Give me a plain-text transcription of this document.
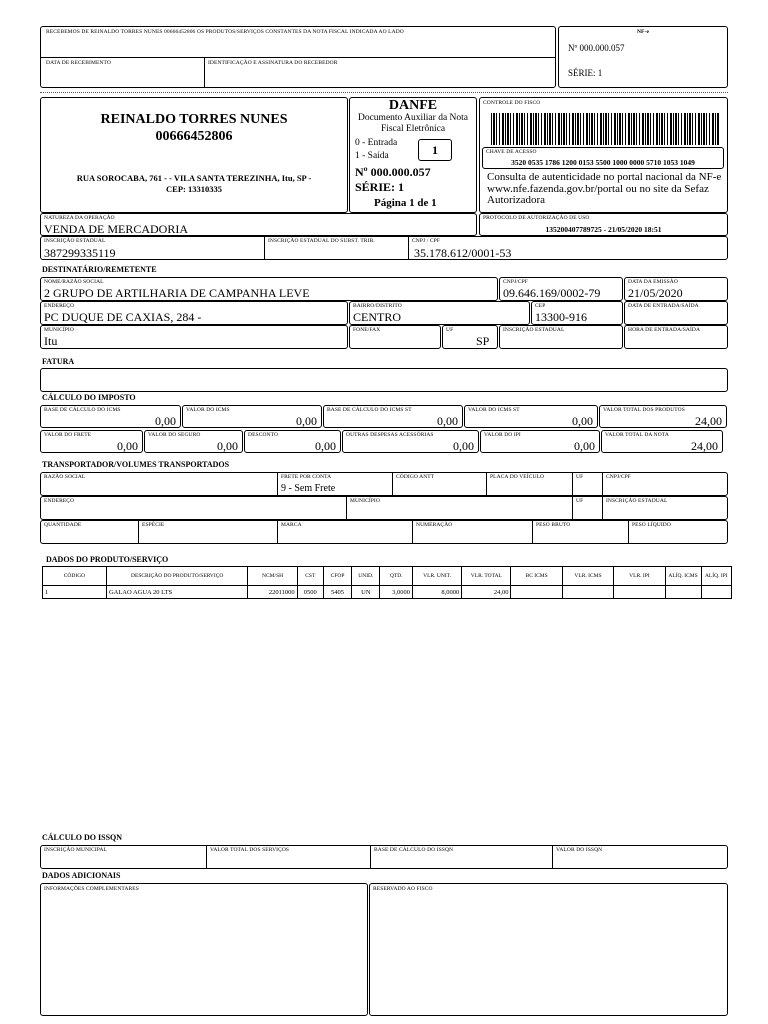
RECEBEMOS DE REINALDO TORRES NUNES 00666452806 OS PRODUTOS/SERVIÇOS CONSTANTES DA NOTA FISCAL INDICADA AO LADO
DATA DE RECEBIMENTO	IDENTIFICAÇÃO E ASSINATURA DO RECEBEDOR
NF-e
Nº 000.000.057
SÉRIE: 1
REINALDO TORRES NUNES
00666452806
RUA SOROCABA, 761 - - VILA SANTA TEREZINHA, Itu, SP -
CEP: 13310335
DANFE
Documento Auxiliar da Nota
Fiscal Eletrônica
0 - Entrada
1 - Saída	1
Nº 000.000.057
SÉRIE: 1
Página 1 de 1
CONTROLE DO FISCO
CHAVE DE ACESSO
3520 0535 1786 1200 0153 5500 1000 0000 5710 1053 1049
Consulta de autenticidade no portal nacional da NF-e www.nfe.fazenda.gov.br/portal ou no site da Sefaz Autorizadora
NATUREZA DA OPERAÇÃO
VENDA DE MERCADORIA
PROTOCOLO DE AUTORIZAÇÃO DE USO
135200407789725 - 21/05/2020 18:51
INSCRIÇÃO ESTADUAL
387299335119
INSCRIÇÃO ESTADUAL DO SUBST. TRIB.	CNPJ / CPF
35.178.612/0001-53
DESTINATÁRIO/REMETENTE
NOME/RAZÃO SOCIAL
2 GRUPO DE ARTILHARIA DE CAMPANHA LEVE
CNPJ/CPF
09.646.169/0002-79
DATA DA EMISSÃO
21/05/2020
ENDEREÇO
PC DUQUE DE CAXIAS, 284 -
BAIRRO/DISTRITO
CENTRO
CEP
13300-916
DATA DE ENTRADA/SAÍDA
MUNICÍPIO
Itu
FONE/FAX	UF
SP
INSCRIÇÃO ESTADUAL	HORA DE ENTRADA/SAÍDA
FATURA
CÁLCULO DO IMPOSTO
BASE DE CÁLCULO DO ICMS
0,00
VALOR DO ICMS
0,00
BASE DE CÁLCULO DO ICMS ST
0,00
VALOR DO ICMS ST
0,00
VALOR TOTAL DOS PRODUTOS
24,00
VALOR DO FRETE
0,00
VALOR DO SEGURO
0,00
DESCONTO
0,00
OUTRAS DESPESAS ACESSÓRIAS
0,00
VALOR DO IPI
0,00
VALOR TOTAL DA NOTA
24,00
TRANSPORTADOR/VOLUMES TRANSPORTADOS
RAZÃO SOCIAL	FRETE POR CONTA
9 - Sem Frete
CÓDIGO ANTT	PLACA DO VEÍCULO	UF	CNPJ/CPF
ENDEREÇO	MUNICÍPIO	UF	INSCRIÇÃO ESTADUAL
QUANTIDADE	ESPÉCIE	MARCA	NUMERAÇÃO	PESO BRUTO	PESO LÍQUIDO
DADOS DO PRODUTO/SERVIÇO
CÓDIGO	DESCRIÇÃO DO PRODUTO/SERVIÇO	NCM/SH	CST	CFOP	UNID.	QTD.	VLR. UNIT.	VLR. TOTAL	BC ICMS	VLR. ICMS	VLR. IPI	ALÍQ. ICMS	ALÍQ. IPI
1	GALAO AGUA 20 LTS	22011000	0500	5405	UN	3,0000	8,0000	24,00					
CÁLCULO DO ISSQN
INSCRIÇÃO MUNICIPAL	VALOR TOTAL DOS SERVIÇOS	BASE DE CÁLCULO DO ISSQN	VALOR DO ISSQN
DADOS ADICIONAIS
INFORMAÇÕES COMPLEMENTARES	RESERVADO AO FISCO
